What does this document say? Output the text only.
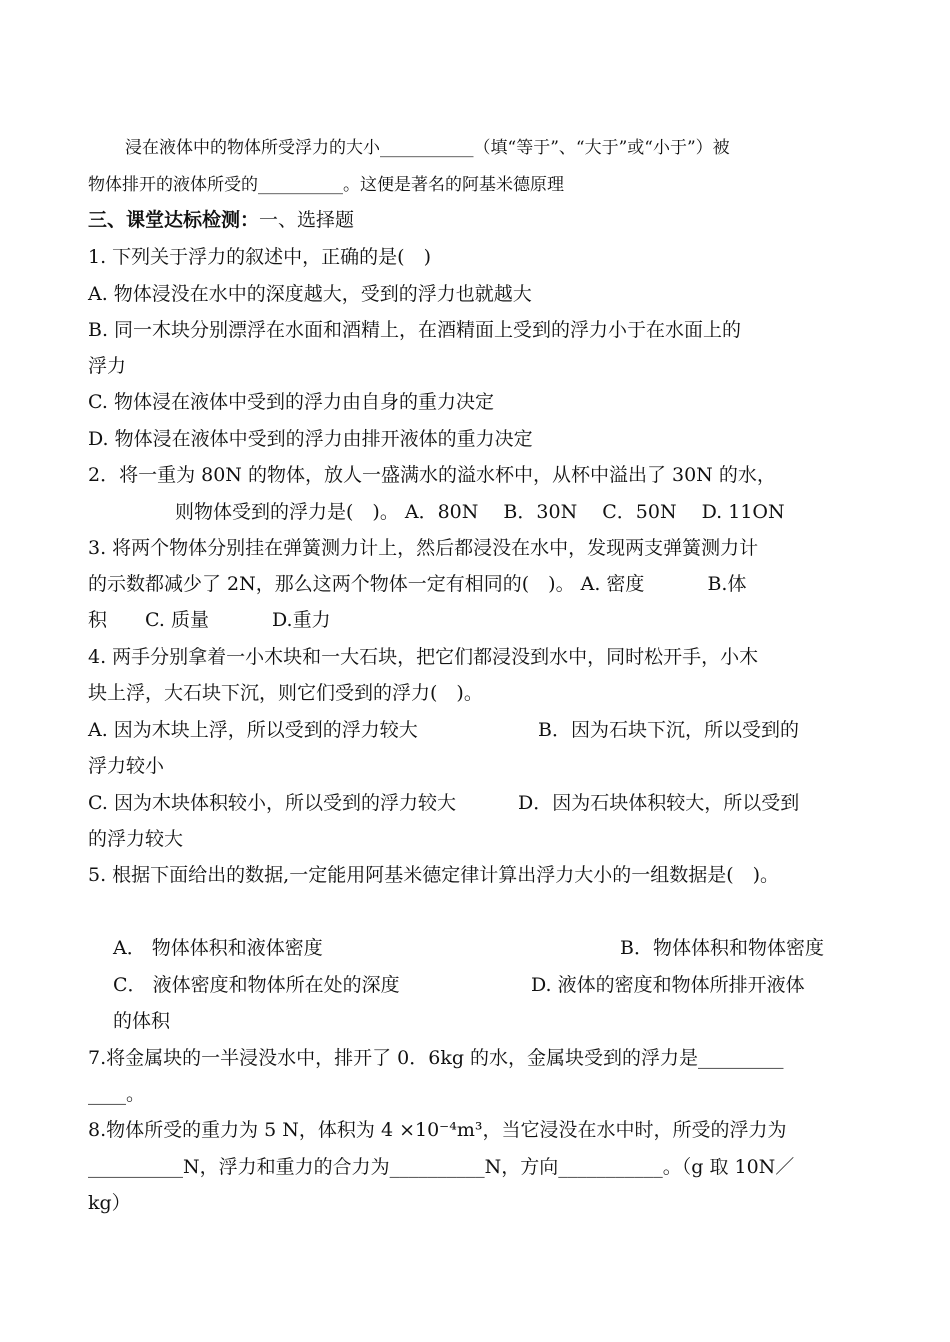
浸在液体中的物体所受浮力的大小___________（填“等于”、“大于”或“小于”）被
物体排开的液体所受的__________。这便是著名的阿基米德原理
三、课堂达标检测：一、选择题
1. 下列关于浮力的叙述中，正确的是(　)
A. 物体浸没在水中的深度越大，受到的浮力也就越大
B. 同一木块分别漂浮在水面和酒精上，在酒精面上受到的浮力小于在水面上的
浮力
C. 物体浸在液体中受到的浮力由自身的重力决定
D. 物体浸在液体中受到的浮力由排开液体的重力决定
2．将一重为 80N 的物体，放人一盛满水的溢水杯中，从杯中溢出了 30N 的水，
则物体受到的浮力是(　)。 A．80N　 B．30N　 C．50N　 D. 11ON
3. 将两个物体分别挂在弹簧测力计上，然后都浸没在水中，发现两支弹簧测力计
的示数都减少了 2N，那么这两个物体一定有相同的(　)。 A. 密度　　　 B.体
积　　C. 质量　　　 D.重力
4. 两手分别拿着一小木块和一大石块，把它们都浸没到水中，同时松开手，小木
块上浮，大石块下沉，则它们受到的浮力(　)。
A. 因为木块上浮，所以受到的浮力较大	B．因为石块下沉，所以受到的
浮力较小
C. 因为木块体积较小，所以受到的浮力较大	D．因为石块体积较大，所以受到
的浮力较大
5. 根据下面给出的数据,一定能用阿基米德定律计算出浮力大小的一组数据是(　)。
A． 物体体积和液体密度	B．物体体积和物体密度
C． 液体密度和物体所在处的深度	D. 液体的密度和物体所排开液体
的体积
7.将金属块的一半浸没水中，排开了 0．6kg 的水，金属块受到的浮力是_________
____。
8.物体所受的重力为 5 N，体积为 4 ×10⁻⁴m³，当它浸没在水中时，所受的浮力为
__________N，浮力和重力的合力为__________N，方向___________。（g 取 10N／
kg）
